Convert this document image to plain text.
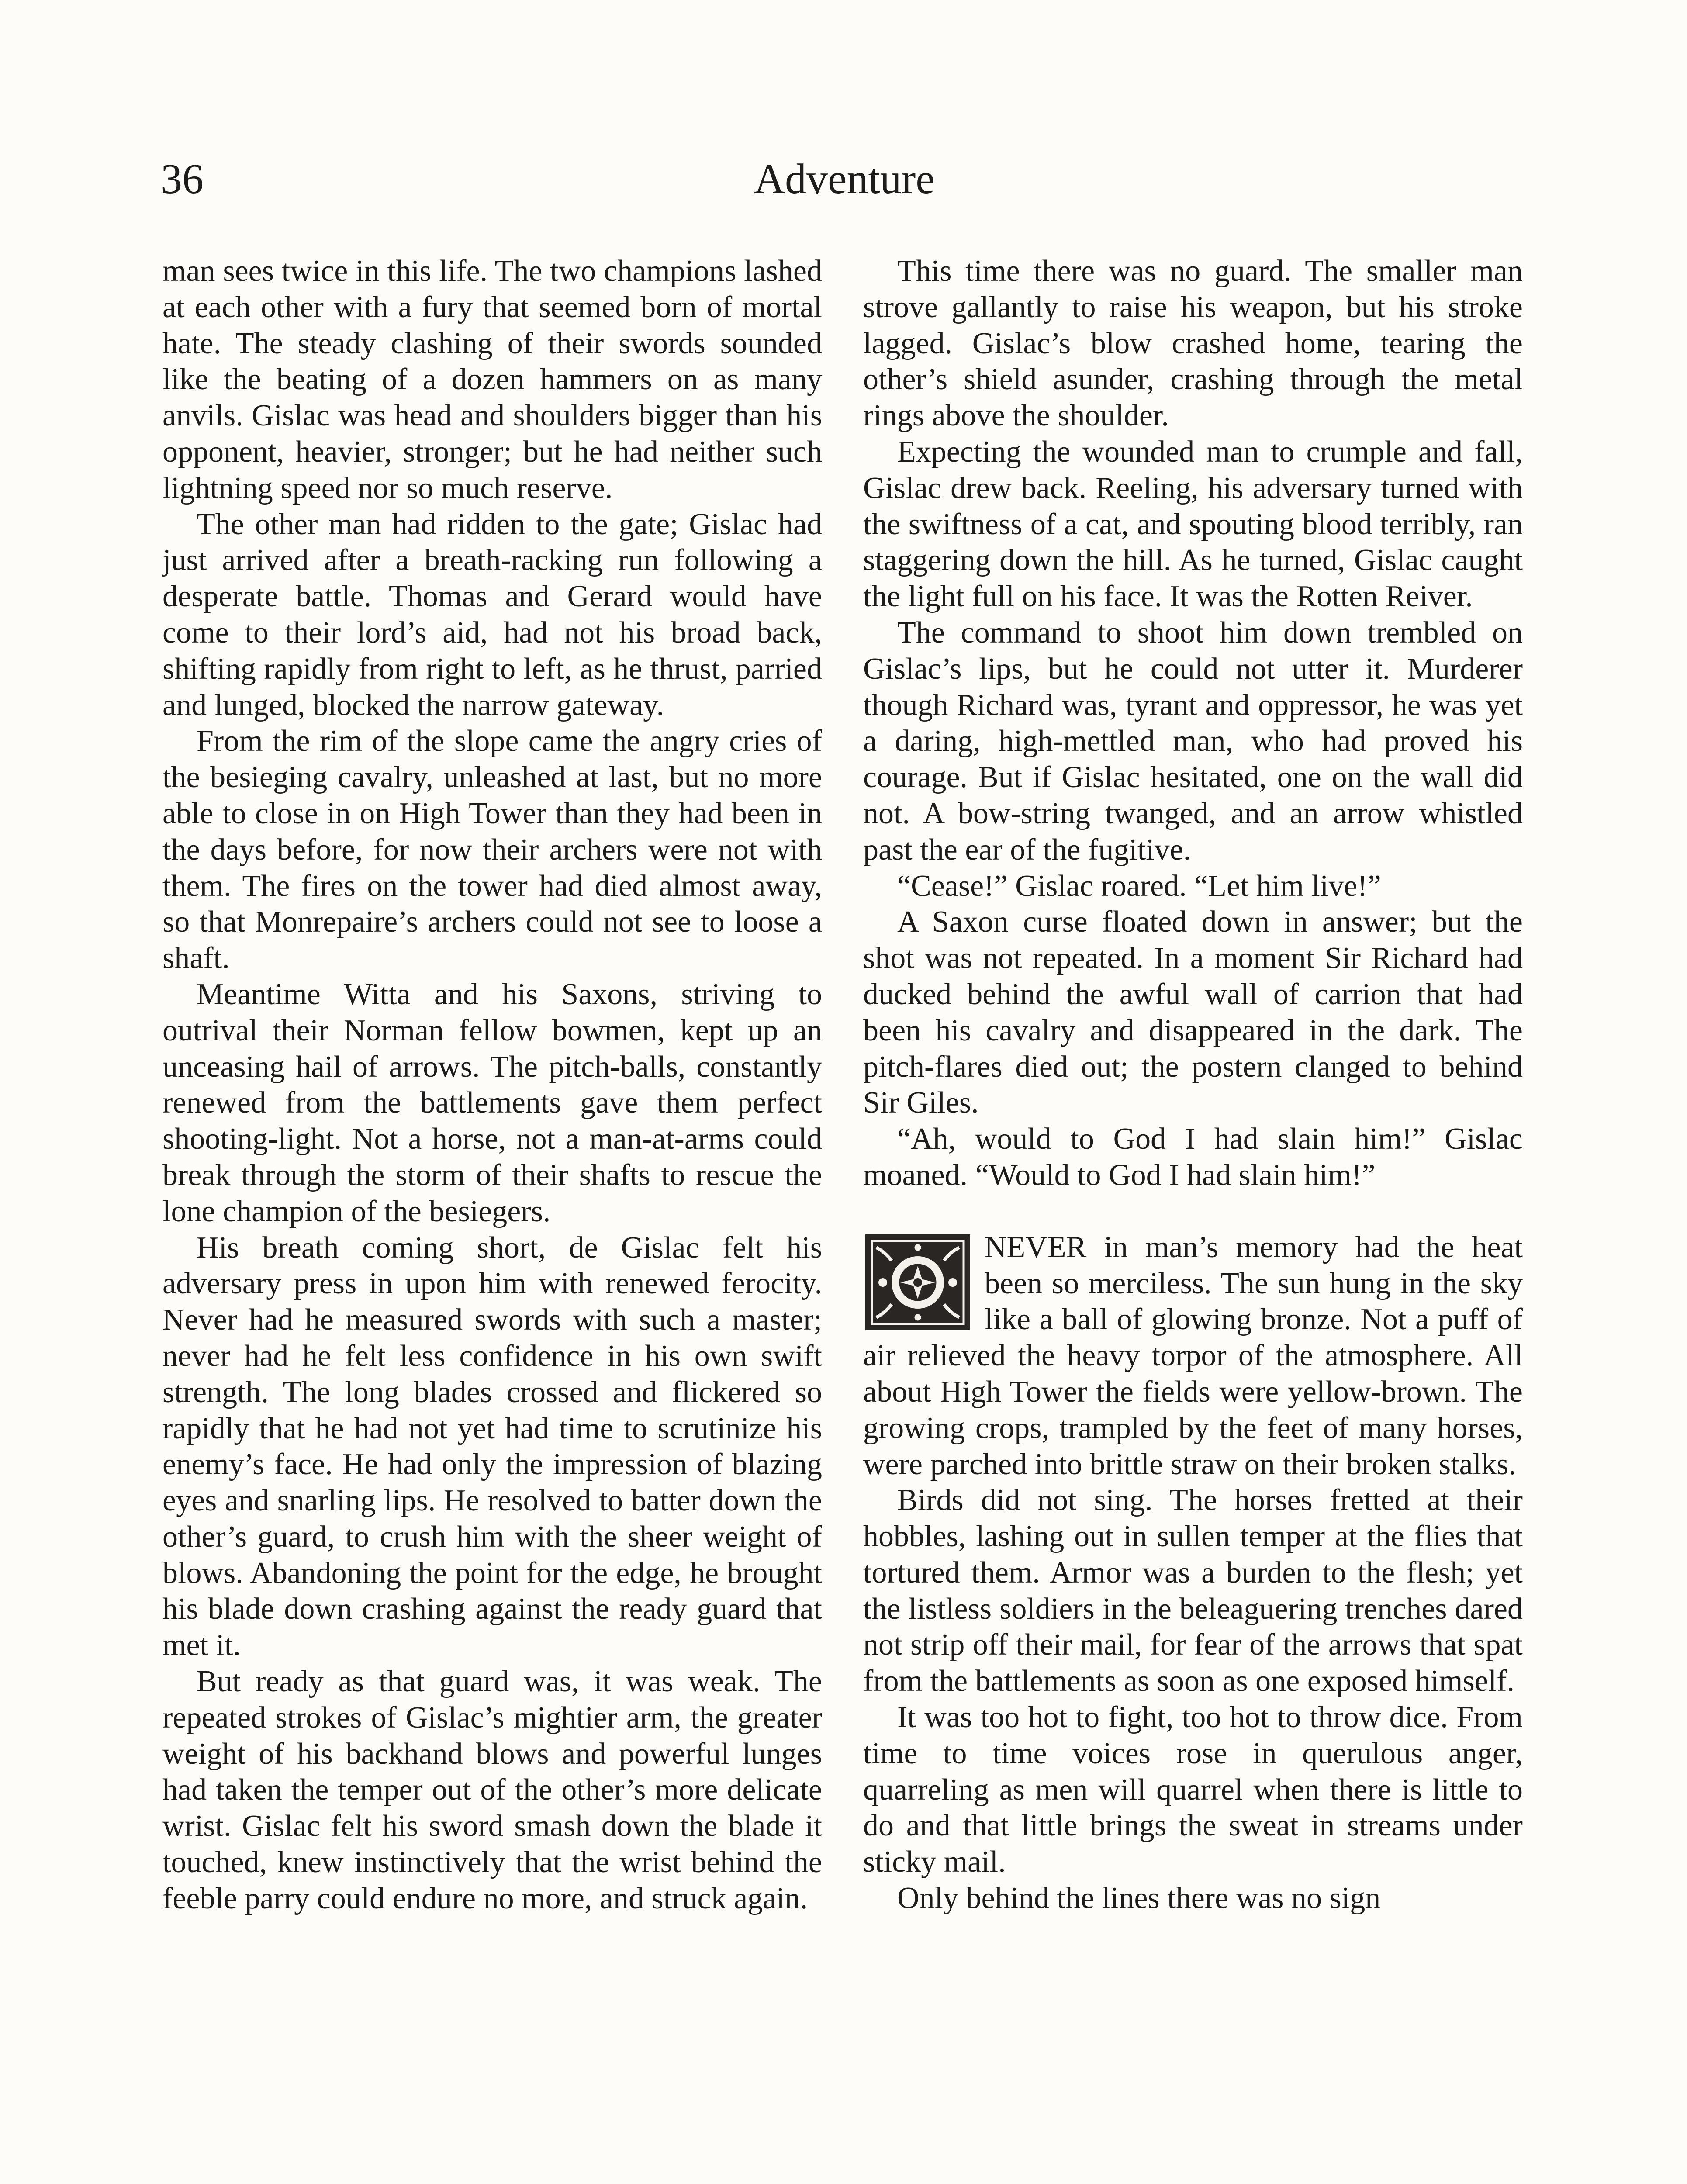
36	Adventure

man sees twice in this life. The two champions lashed at each other with a fury that seemed born of mortal hate. The steady clashing of their swords sounded like the beating of a dozen hammers on as many anvils. Gislac was head and shoulders bigger than his opponent, heavier, stronger; but he had neither such lightning speed nor so much reserve.

The other man had ridden to the gate; Gislac had just arrived after a breath-racking run following a desperate battle. Thomas and Gerard would have come to their lord’s aid, had not his broad back, shifting rapidly from right to left, as he thrust, parried and lunged, blocked the narrow gateway.

From the rim of the slope came the angry cries of the besieging cavalry, unleashed at last, but no more able to close in on High Tower than they had been in the days before, for now their archers were not with them. The fires on the tower had died almost away, so that Monrepaire’s archers could not see to loose a shaft.

Meantime Witta and his Saxons, striving to outrival their Norman fellow bowmen, kept up an unceasing hail of arrows. The pitch-balls, constantly renewed from the battlements gave them perfect shooting-light. Not a horse, not a man-at-arms could break through the storm of their shafts to rescue the lone champion of the besiegers.

His breath coming short, de Gislac felt his adversary press in upon him with renewed ferocity. Never had he measured swords with such a master; never had he felt less confidence in his own swift strength. The long blades crossed and flickered so rapidly that he had not yet had time to scrutinize his enemy’s face. He had only the impression of blazing eyes and snarling lips. He resolved to batter down the other’s guard, to crush him with the sheer weight of blows. Abandoning the point for the edge, he brought his blade down crashing against the ready guard that met it.

But ready as that guard was, it was weak. The repeated strokes of Gislac’s mightier arm, the greater weight of his backhand blows and powerful lunges had taken the temper out of the other’s more delicate wrist. Gislac felt his sword smash down the blade it touched, knew instinctively that the wrist behind the feeble parry could endure no more, and struck again.

This time there was no guard. The smaller man strove gallantly to raise his weapon, but his stroke lagged. Gislac’s blow crashed home, tearing the other’s shield asunder, crashing through the metal rings above the shoulder.

Expecting the wounded man to crumple and fall, Gislac drew back. Reeling, his adversary turned with the swiftness of a cat, and spouting blood terribly, ran staggering down the hill. As he turned, Gislac caught the light full on his face. It was the Rotten Reiver.

The command to shoot him down trembled on Gislac’s lips, but he could not utter it. Murderer though Richard was, tyrant and oppressor, he was yet a daring, high-mettled man, who had proved his courage. But if Gislac hesitated, one on the wall did not. A bow-string twanged, and an arrow whistled past the ear of the fugitive.

“Cease!” Gislac roared. “Let him live!”

A Saxon curse floated down in answer; but the shot was not repeated. In a moment Sir Richard had ducked behind the awful wall of carrion that had been his cavalry and disappeared in the dark. The pitch-flares died out; the postern clanged to behind Sir Giles.

“Ah, would to God I had slain him!” Gislac moaned. “Would to God I had slain him!”

NEVER in man’s memory had the heat been so merciless. The sun hung in the sky like a ball of glowing bronze. Not a puff of air relieved the heavy torpor of the atmosphere. All about High Tower the fields were yellow-brown. The growing crops, trampled by the feet of many horses, were parched into brittle straw on their broken stalks.

Birds did not sing. The horses fretted at their hobbles, lashing out in sullen temper at the flies that tortured them. Armor was a burden to the flesh; yet the listless soldiers in the beleaguering trenches dared not strip off their mail, for fear of the arrows that spat from the battlements as soon as one exposed himself.

It was too hot to fight, too hot to throw dice. From time to time voices rose in querulous anger, quarreling as men will quarrel when there is little to do and that little brings the sweat in streams under sticky mail.

Only behind the lines there was no sign
